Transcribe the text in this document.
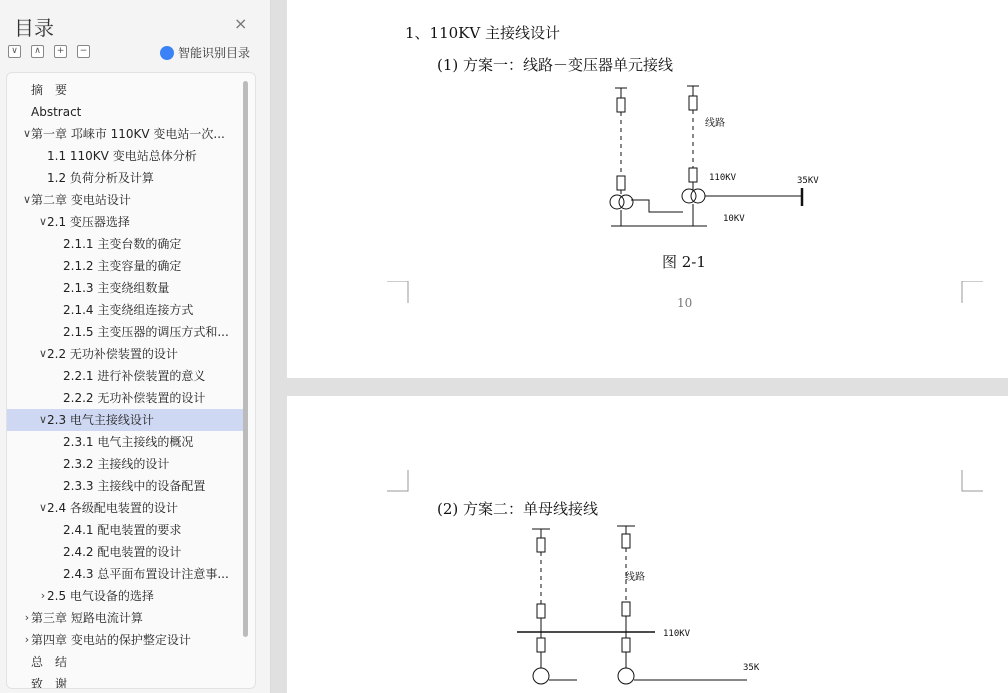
目录	×
∨	∧	+	−	智能识别目录
摘　要
Abstract
∨ 第一章 邛崃市 110KV 变电站一次...
1.1 110KV 变电站总体分析
1.2 负荷分析及计算
∨ 第二章 变电站设计
∨ 2.1 变压器选择
2.1.1 主变台数的确定
2.1.2 主变容量的确定
2.1.3 主变绕组数量
2.1.4 主变绕组连接方式
2.1.5 主变压器的调压方式和...
∨ 2.2 无功补偿装置的设计
2.2.1 进行补偿装置的意义
2.2.2 无功补偿装置的设计
∨ 2.3 电气主接线设计
2.3.1 电气主接线的概况
2.3.2 主接线的设计
2.3.3 主接线中的设备配置
∨ 2.4 各级配电装置的设计
2.4.1 配电装置的要求
2.4.2 配电装置的设计
2.4.3 总平面布置设计注意事...
› 2.5 电气设备的选择
› 第三章 短路电流计算
› 第四章 变电站的保护整定设计
总　结
致　谢
1、110KV 主接线设计
(1) 方案一：线路－变压器单元接线
线路
110KV	35KV
10KV
图 2-1
10
(2) 方案二：单母线接线
线路
110KV
35K
